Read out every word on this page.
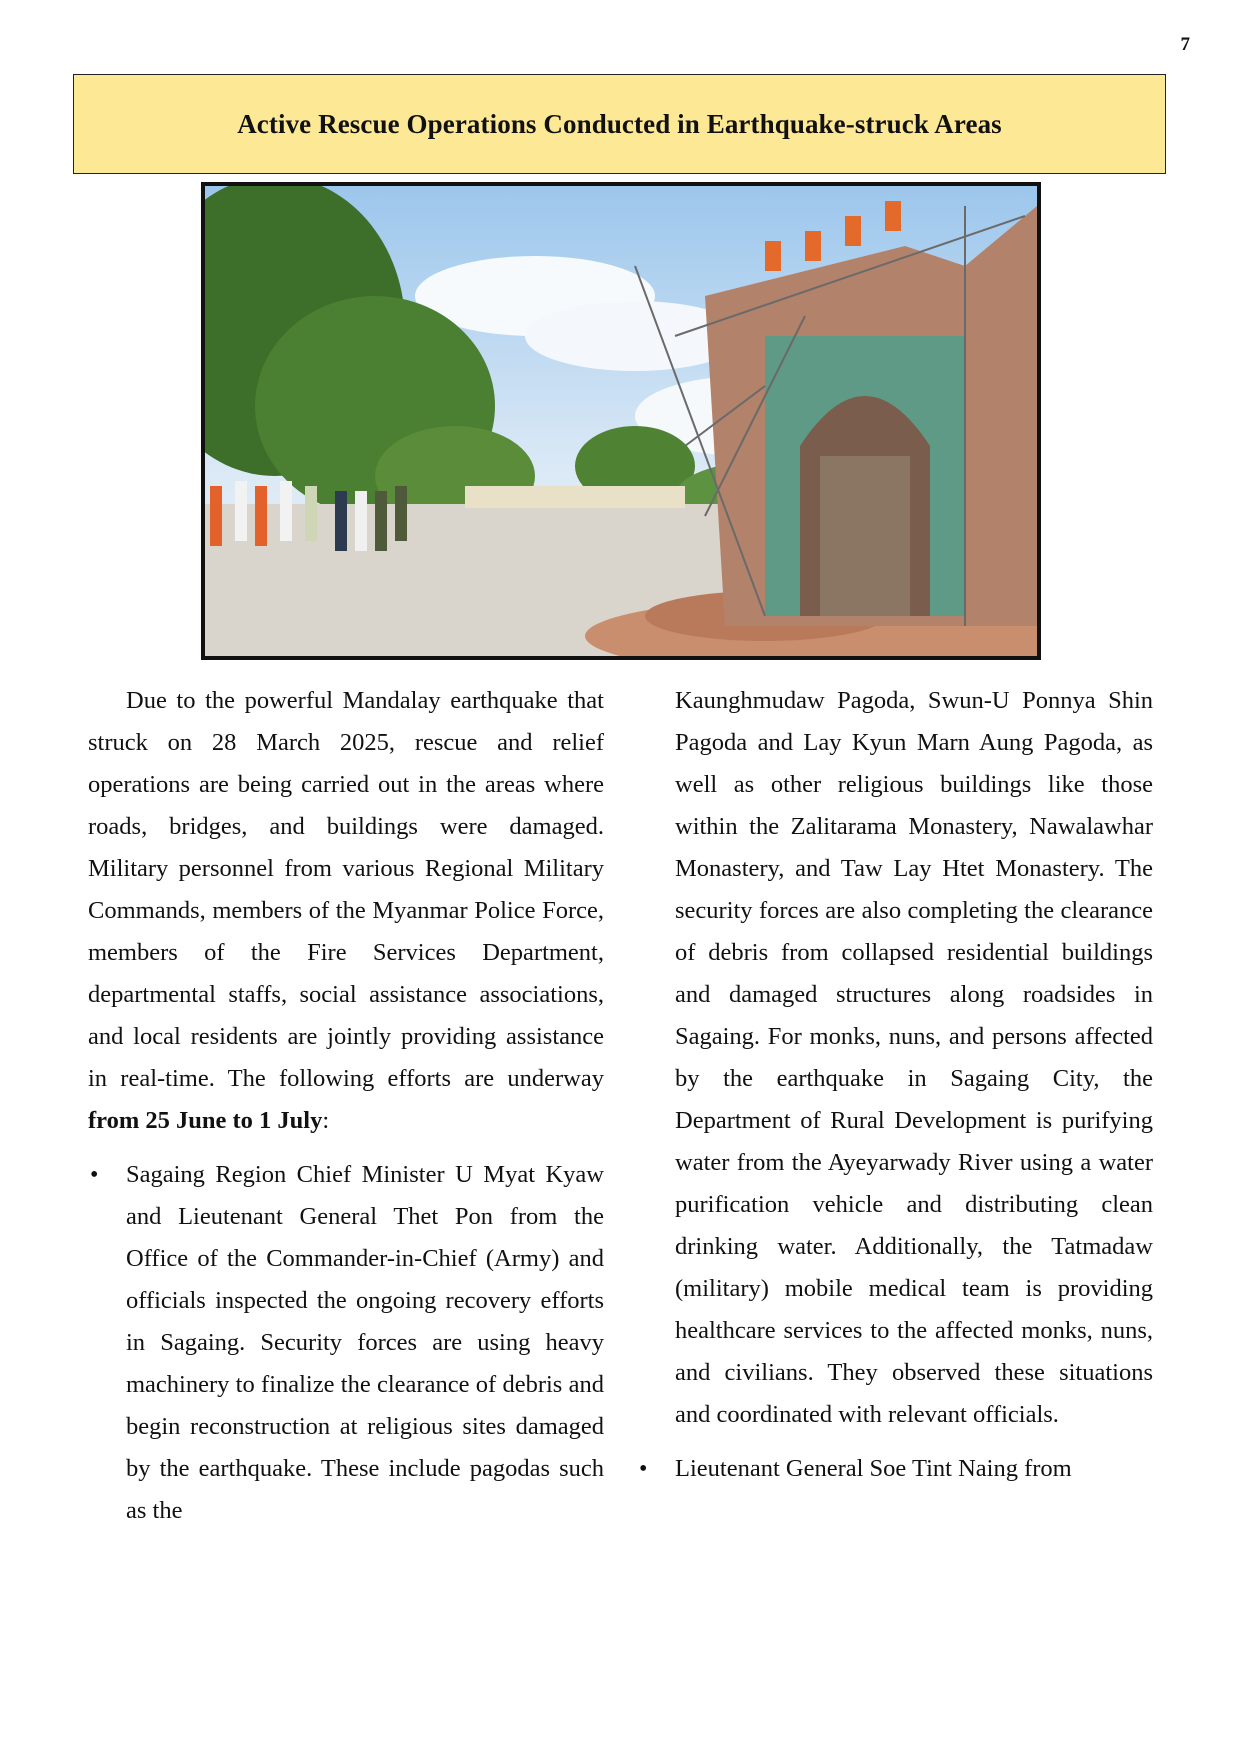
7
Active Rescue Operations Conducted in Earthquake-struck Areas

Due to the powerful Mandalay earthquake that struck on 28 March 2025, rescue and relief operations are being carried out in the areas where roads, bridges, and buildings were damaged. Military personnel from various Regional Military Commands, members of the Myanmar Police Force, members of the Fire Services Department, departmental staffs, social assistance associations, and local residents are jointly providing assistance in real-time. The following efforts are underway from 25 June to 1 July:

• Sagaing Region Chief Minister U Myat Kyaw and Lieutenant General Thet Pon from the Office of the Commander-in-Chief (Army) and officials inspected the ongoing recovery efforts in Sagaing. Security forces are using heavy machinery to finalize the clearance of debris and begin reconstruction at religious sites damaged by the earthquake. These include pagodas such as the

Kaunghmudaw Pagoda, Swun-U Ponnya Shin Pagoda and Lay Kyun Marn Aung Pagoda, as well as other religious buildings like those within the Zalitarama Monastery, Nawalawhar Monastery, and Taw Lay Htet Monastery. The security forces are also completing the clearance of debris from collapsed residential buildings and damaged structures along roadsides in Sagaing. For monks, nuns, and persons affected by the earthquake in Sagaing City, the Department of Rural Development is purifying water from the Ayeyarwady River using a water purification vehicle and distributing clean drinking water. Additionally, the Tatmadaw (military) mobile medical team is providing healthcare services to the affected monks, nuns, and civilians. They observed these situations and coordinated with relevant officials.

• Lieutenant General Soe Tint Naing from
